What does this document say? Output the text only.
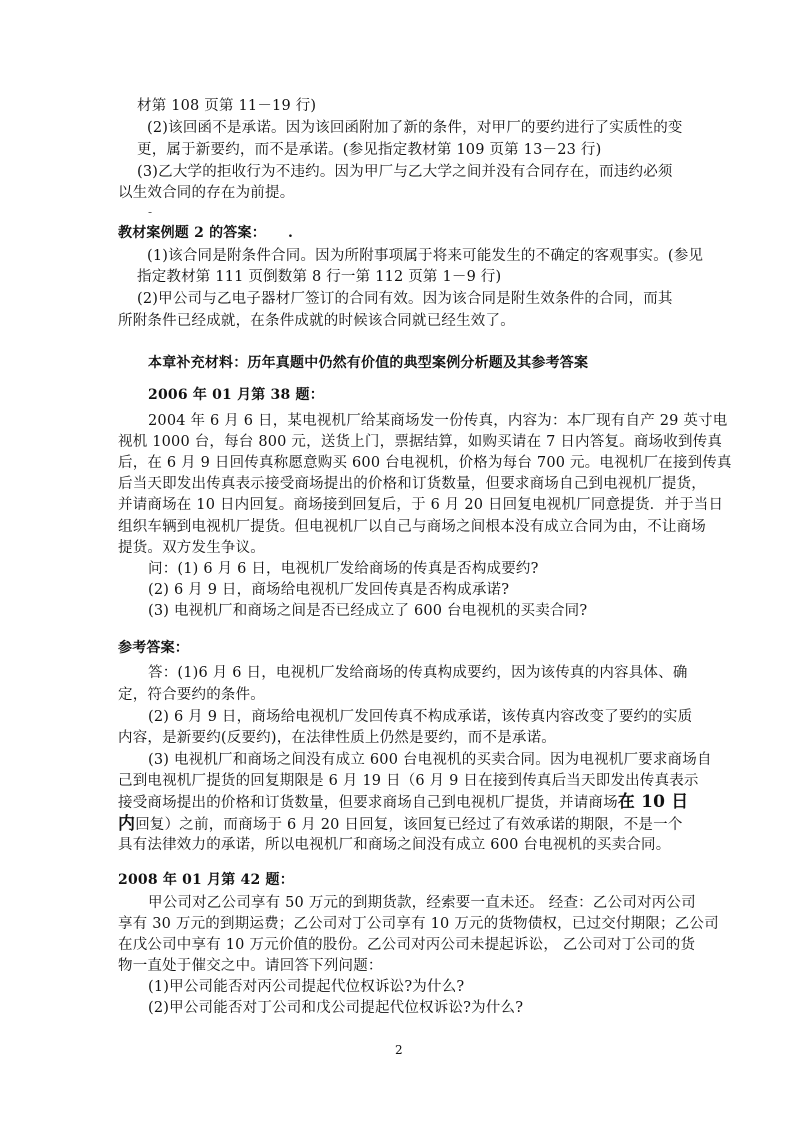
材第 108 页第 11－19 行)
(2)该回函不是承诺。因为该回函附加了新的条件，对甲厂的要约进行了实质性的变
更，属于新要约，而不是承诺。(参见指定教材第 109 页第 13－23 行)
(3)乙大学的拒收行为不违约。因为甲厂与乙大学之间并没有合同存在，而违约必须
以生效合同的存在为前提。
-
教材案例题 2 的答案： .
(1)该合同是附条件合同。因为所附事项属于将来可能发生的不确定的客观事实。(参见
指定教材第 111 页倒数第 8 行一第 112 页第 1－9 行)
(2)甲公司与乙电子器材厂签订的合同有效。因为该合同是附生效条件的合同，而其
所附条件已经成就，在条件成就的时候该合同就已经生效了。
本章补充材料：历年真题中仍然有价值的典型案例分析题及其参考答案
2006 年 01 月第 38 题：
2004 年 6 月 6 日，某电视机厂给某商场发一份传真，内容为：本厂现有自产 29 英寸电
视机 1000 台，每台 800 元，送货上门，票据结算，如购买请在 7 日内答复。商场收到传真
后，在 6 月 9 日回传真称愿意购买 600 台电视机，价格为每台 700 元。电视机厂在接到传真
后当天即发出传真表示接受商场提出的价格和订货数量，但要求商场自己到电视机厂提货，
并请商场在 10 日内回复。商场接到回复后，于 6 月 20 日回复电视机厂同意提货．并于当日
组织车辆到电视机厂提货。但电视机厂以自己与商场之间根本没有成立合同为由，不让商场
提货。双方发生争议。
问：(1) 6 月 6 日，电视机厂发给商场的传真是否构成要约?
(2) 6 月 9 日，商场给电视机厂发回传真是否构成承诺?
(3) 电视机厂和商场之间是否已经成立了 600 台电视机的买卖合同?
参考答案：
答：(1)6 月 6 日，电视机厂发给商场的传真构成要约，因为该传真的内容具体、确
定，符合要约的条件。
(2) 6 月 9 日，商场给电视机厂发回传真不构成承诺，该传真内容改变了要约的实质
内容，是新要约(反要约)，在法律性质上仍然是要约，而不是承诺。
(3) 电视机厂和商场之间没有成立 600 台电视机的买卖合同。因为电视机厂要求商场自
己到电视机厂提货的回复期限是 6 月 19 日（6 月 9 日在接到传真后当天即发出传真表示
接受商场提出的价格和订货数量，但要求商场自己到电视机厂提货，并请商场在 10 日
内回复）之前，而商场于 6 月 20 日回复，该回复已经过了有效承诺的期限，不是一个
具有法律效力的承诺，所以电视机厂和商场之间没有成立 600 台电视机的买卖合同。
2008 年 01 月第 42 题：
甲公司对乙公司享有 50 万元的到期货款，经索要一直未还。 经查：乙公司对丙公司
享有 30 万元的到期运费；乙公司对丁公司享有 10 万元的货物债权，已过交付期限；乙公司
在戊公司中享有 10 万元价值的股份。乙公司对丙公司未提起诉讼， 乙公司对丁公司的货
物一直处于催交之中。请回答下列问题：
(1)甲公司能否对丙公司提起代位权诉讼?为什么?
(2)甲公司能否对丁公司和戊公司提起代位权诉讼?为什么?
2
